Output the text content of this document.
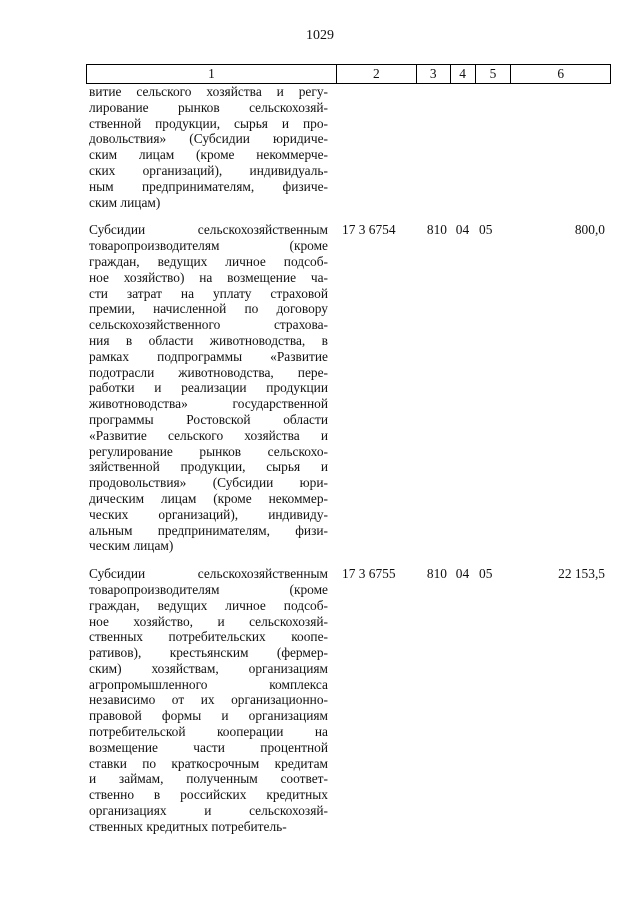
1029
1	2	3	4	5	6
витие сельского хозяйства и регу-
лирование рынков сельскохозяй-
ственной продукции, сырья и про-
довольствия» (Субсидии юридиче-
ским лицам (кроме некоммерче-
ских организаций), индивидуаль-
ным предпринимателям, физиче-
ским лицам)
Субсидии сельскохозяйственным
товаропроизводителям (кроме
граждан, ведущих личное подсоб-
ное хозяйство) на возмещение ча-
сти затрат на уплату страховой
премии, начисленной по договору
сельскохозяйственного страхова-
ния в области животноводства, в
рамках подпрограммы «Развитие
подотрасли животноводства, пере-
работки и реализации продукции
животноводства» государственной
программы Ростовской области
«Развитие сельского хозяйства и
регулирование рынков сельскохо-
зяйственной продукции, сырья и
продовольствия» (Субсидии юри-
дическим лицам (кроме некоммер-
ческих организаций), индивиду-
альным предпринимателям, физи-
ческим лицам)
17 3 6754	810 04 05	800,0
Субсидии сельскохозяйственным
товаропроизводителям (кроме
граждан, ведущих личное подсоб-
ное хозяйство, и сельскохозяй-
ственных потребительских коопе-
ративов), крестьянским (фермер-
ским) хозяйствам, организациям
агропромышленного комплекса
независимо от их организационно-
правовой формы и организациям
потребительской кооперации на
возмещение части процентной
ставки по краткосрочным кредитам
и займам, полученным соответ-
ственно в российских кредитных
организациях и сельскохозяй-
ственных кредитных потребитель-
17 3 6755	810 04 05	22 153,5
